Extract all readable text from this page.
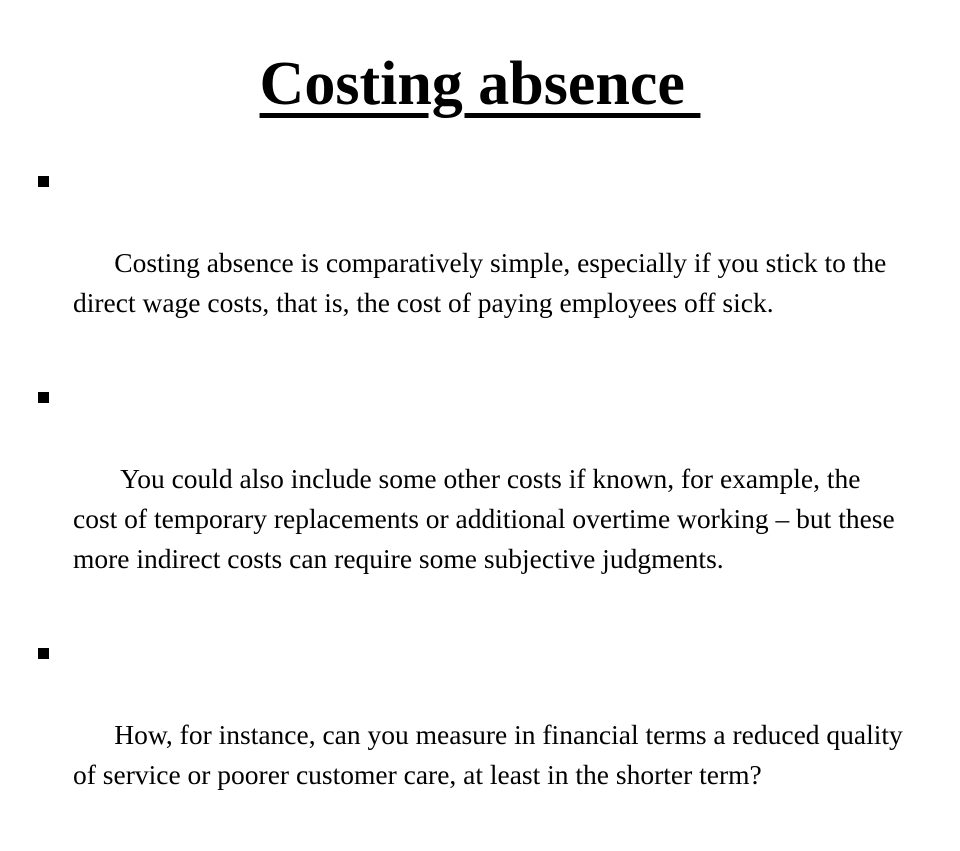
Costing absence

Costing absence is comparatively simple, especially if you stick to the direct wage costs, that is, the cost of paying employees off sick.

You could also include some other costs if known, for example, the cost of temporary replacements or additional overtime working – but these more indirect costs can require some subjective judgments.

How, for instance, can you measure in financial terms a reduced quality of service or poorer customer care, at least in the shorter term?
